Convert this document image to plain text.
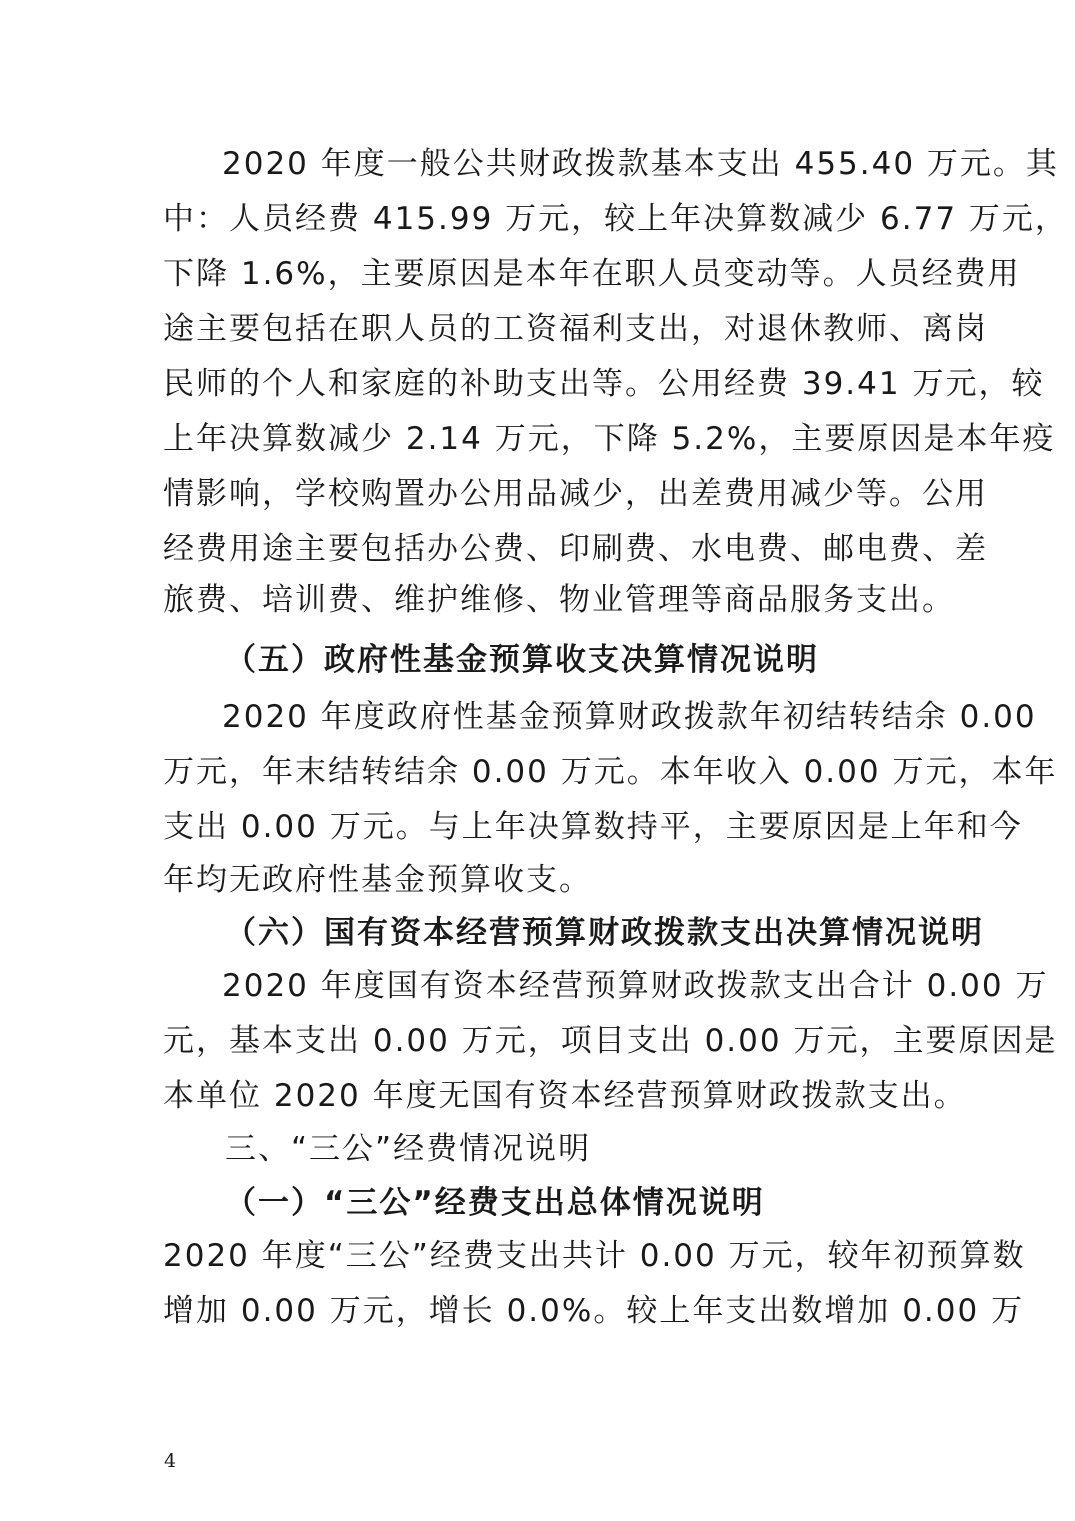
2020 年度一般公共财政拨款基本支出 455.40 万元。其

中：人员经费 415.99 万元，较上年决算数减少 6.77 万元，

下降 1.6%，主要原因是本年在职人员变动等。人员经费用

途主要包括在职人员的工资福利支出，对退休教师、离岗

民师的个人和家庭的补助支出等。公用经费 39.41 万元，较

上年决算数减少 2.14 万元，下降 5.2%，主要原因是本年疫

情影响，学校购置办公用品减少，出差费用减少等。公用

经费用途主要包括办公费、印刷费、水电费、邮电费、差

旅费、培训费、维护维修、物业管理等商品服务支出。

（五）政府性基金预算收支决算情况说明

2020 年度政府性基金预算财政拨款年初结转结余 0.00

万元，年末结转结余 0.00 万元。本年收入 0.00 万元，本年

支出 0.00 万元。与上年决算数持平，主要原因是上年和今

年均无政府性基金预算收支。

（六）国有资本经营预算财政拨款支出决算情况说明

2020 年度国有资本经营预算财政拨款支出合计 0.00 万

元，基本支出 0.00 万元，项目支出 0.00 万元，主要原因是

本单位 2020 年度无国有资本经营预算财政拨款支出。

三、“三公”经费情况说明

（一）“三公”经费支出总体情况说明

2020 年度“三公”经费支出共计 0.00 万元，较年初预算数

增加 0.00 万元，增长 0.0%。较上年支出数增加 0.00 万

4
